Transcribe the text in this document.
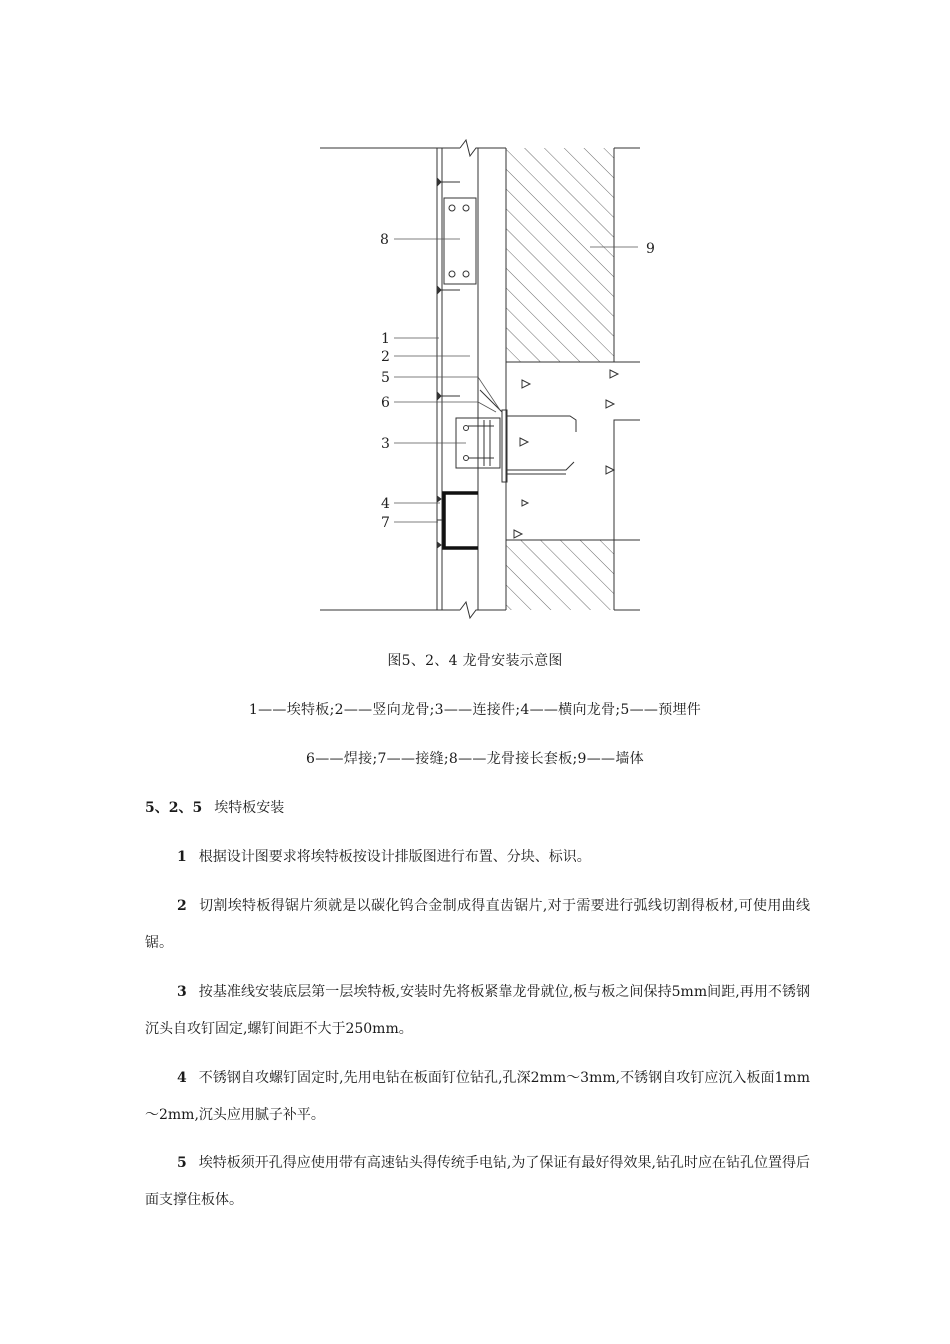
8
9
1
2
5
6
3
4
7
图5、2、4 龙骨安装示意图
1——埃特板;2——竖向龙骨;3——连接件;4——横向龙骨;5——预埋件
6——焊接;7——接缝;8——龙骨接长套板;9——墙体
5、2、5 埃特板安装

1 根据设计图要求将埃特板按设计排版图进行布置、分块、标识。

2 切割埃特板得锯片须就是以碳化钨合金制成得直齿锯片,对于需要进行弧线切割得板材,可使用曲线锯。

3 按基准线安装底层第一层埃特板,安装时先将板紧靠龙骨就位,板与板之间保持5mm间距,再用不锈钢沉头自攻钉固定,螺钉间距不大于250mm。

4 不锈钢自攻螺钉固定时,先用电钻在板面钉位钻孔,孔深2mm～3mm,不锈钢自攻钉应沉入板面1mm～2mm,沉头应用腻子补平。

5 埃特板须开孔得应使用带有高速钻头得传统手电钻,为了保证有最好得效果,钻孔时应在钻孔位置得后面支撑住板体。
